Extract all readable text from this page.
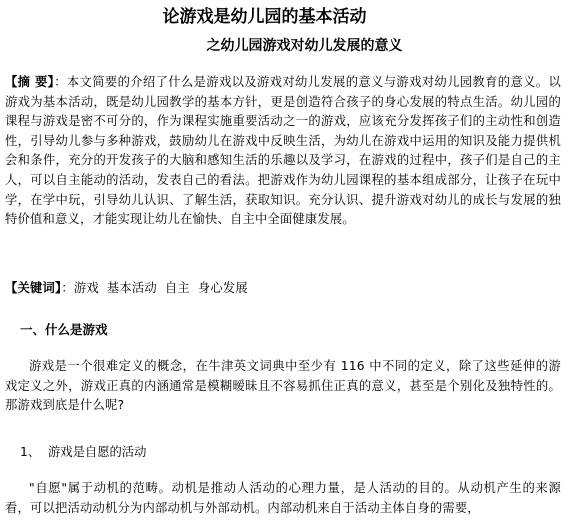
论游戏是幼儿园的基本活动
之幼儿园游戏对幼儿发展的意义
【摘 要】：本文简要的介绍了什么是游戏以及游戏对幼儿发展的意义与游戏对幼儿园教育的意义。以游戏为基本活动，既是幼儿园教学的基本方针，更是创造符合孩子的身心发展的特点生活。幼儿园的课程与游戏是密不可分的，作为课程实施重要活动之一的游戏，应该充分发挥孩子们的主动性和创造性，引导幼儿参与多种游戏，鼓励幼儿在游戏中反映生活，为幼儿在游戏中运用的知识及能力提供机会和条件，充分的开发孩子的大脑和感知生活的乐趣以及学习，在游戏的过程中，孩子们是自己的主人，可以自主能动的活动，发表自己的看法。把游戏作为幼儿园课程的基本组成部分，让孩子在玩中学，在学中玩，引导幼儿认识、了解生活，获取知识。充分认识、提升游戏对幼儿的成长与发展的独特价值和意义，才能实现让幼儿在愉快、自主中全面健康发展。
【关键词】：游戏 基本活动 自主 身心发展
一、什么是游戏
游戏是一个很难定义的概念，在牛津英文词典中至少有 116 中不同的定义，除了这些延伸的游戏定义之外，游戏正真的内涵通常是模糊暧昧且不容易抓住正真的意义，甚至是个别化及独特性的。那游戏到底是什么呢?
1、 游戏是自愿的活动
"自愿"属于动机的范畴。动机是推动人活动的心理力量，是人活动的目的。从动机产生的来源看，可以把活动动机分为内部动机与外部动机。内部动机来自于活动主体自身的需要，
